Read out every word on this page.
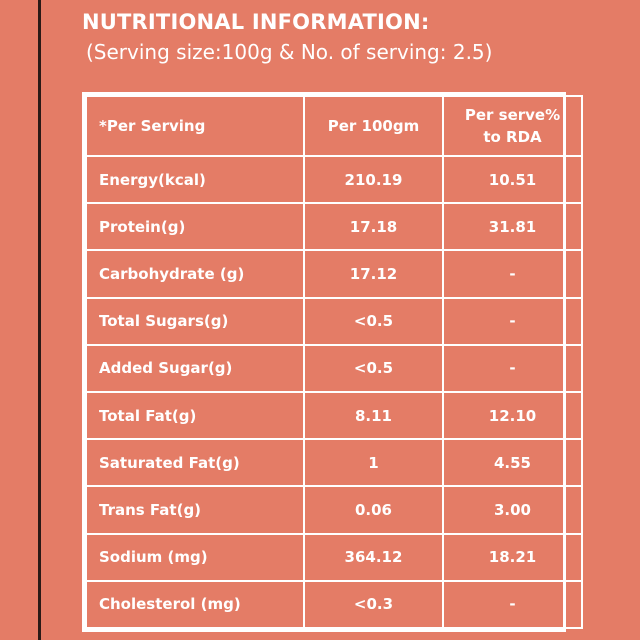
NUTRITIONAL INFORMATION:
(Serving size:100g & No. of serving: 2.5)
*Per Serving	Per 100gm	Per serve%
to RDA

Energy(kcal)	210.19	10.51
Protein(g)	17.18	31.81
Carbohydrate (g)	17.12	-
Total Sugars(g)	<0.5	-
Added Sugar(g)	<0.5	-
Total Fat(g)	8.11	12.10
Saturated Fat(g)	1	4.55
Trans Fat(g)	0.06	3.00
Sodium (mg)	364.12	18.21
Cholesterol (mg)	<0.3	-
